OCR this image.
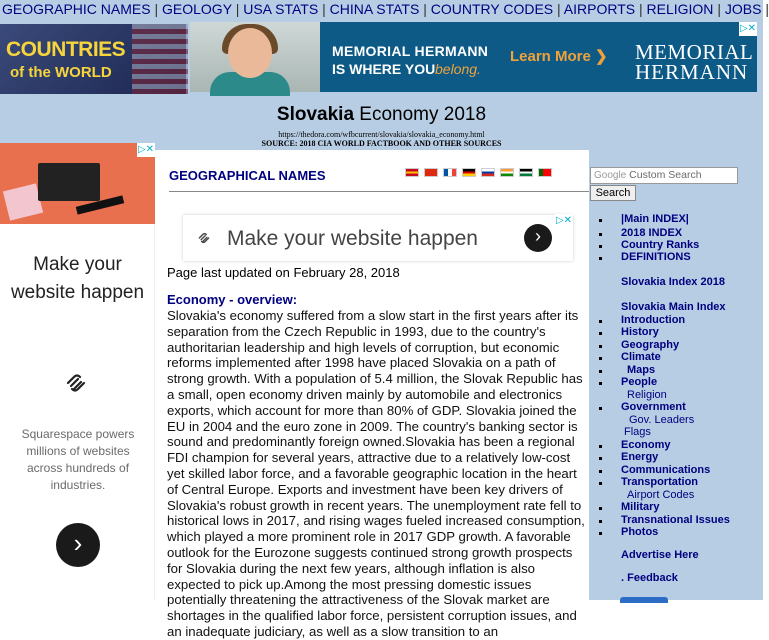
GEOGRAPHIC NAMES | GEOLOGY | USA STATS | CHINA STATS | COUNTRY CODES | AIRPORTS | RELIGION | JOBS |
COUNTRIES
of the WORLD
MEMORIAL HERMANN
IS WHERE YOU belong.
Learn More ❯ MEMORIAL
HERMANN
▷✕
Slovakia Economy 2018
https://thedora.com/wfbcurrent/slovakia/slovakia_economy.html
SOURCE: 2018 CIA WORLD FACTBOOK AND OTHER SOURCES
▷✕
Make your website happen
Squarespace powers millions of websites across hundreds of industries.
›
GEOGRAPHICAL NAMES
Make your website happen	›
▷✕
Page last updated on February 28, 2018
Economy - overview:
Slovakia's economy suffered from a slow start in the first years after its separation from the Czech Republic in 1993, due to the country's authoritarian leadership and high levels of corruption, but economic reforms implemented after 1998 have placed Slovakia on a path of strong growth. With a population of 5.4 million, the Slovak Republic has a small, open economy driven mainly by automobile and electronics exports, which account for more than 80% of GDP. Slovakia joined the EU in 2004 and the euro zone in 2009. The country's banking sector is sound and predominantly foreign owned.Slovakia has been a regional FDI champion for several years, attractive due to a relatively low-cost yet skilled labor force, and a favorable geographic location in the heart of Central Europe. Exports and investment have been key drivers of Slovakia's robust growth in recent years. The unemployment rate fell to historical lows in 2017, and rising wages fueled increased consumption, which played a more prominent role in 2017 GDP growth. A favorable outlook for the Eurozone suggests continued strong growth prospects for Slovakia during the next few years, although inflation is also expected to pick up.Among the most pressing domestic issues potentially threatening the attractiveness of the Slovak market are shortages in the qualified labor force, persistent corruption issues, and an inadequate judiciary, as well as a slow transition to an
Google Custom Search
Search
|Main INDEX|
2018 INDEX
Country Ranks
DEFINITIONS
Slovakia Index 2018
Slovakia Main Index
Introduction
History
Geography
Climate
Maps
People
Religion
Government
Gov. Leaders
Flags
Economy
Energy
Communications
Transportation
Airport Codes
Military
Transnational Issues
Photos
Advertise Here
. Feedback
